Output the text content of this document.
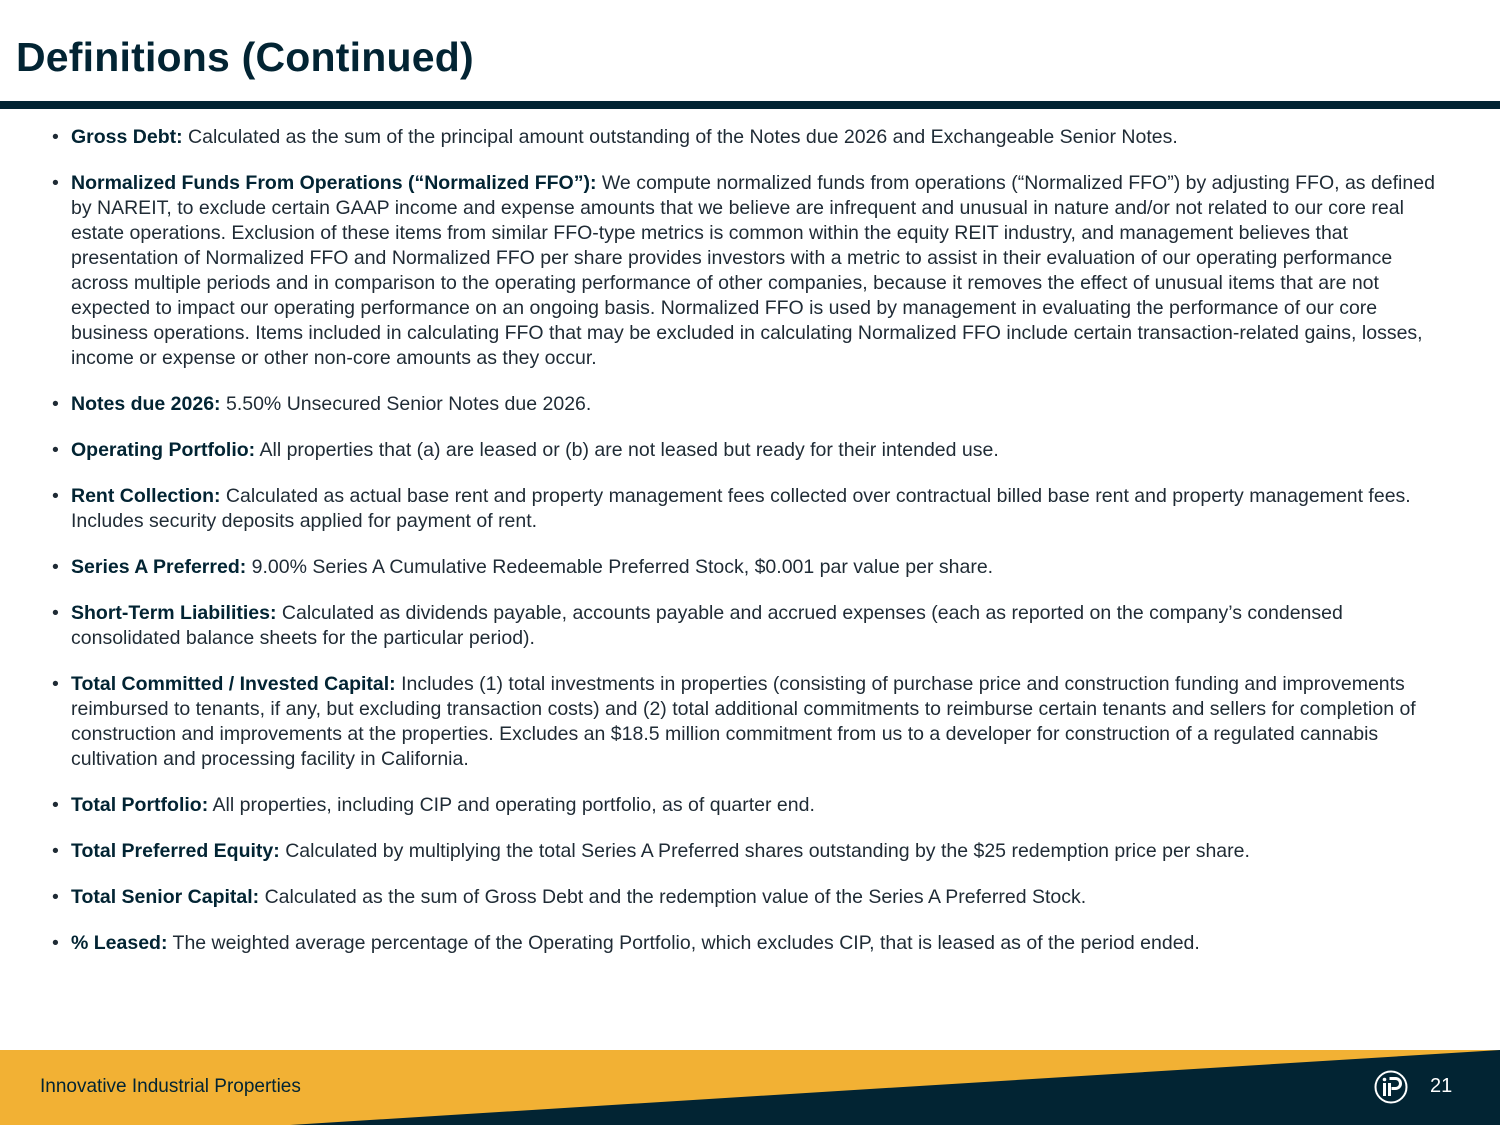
Definitions (Continued)
• Gross Debt: Calculated as the sum of the principal amount outstanding of the Notes due 2026 and Exchangeable Senior Notes.
• Normalized Funds From Operations (“Normalized FFO”): We compute normalized funds from operations (“Normalized FFO”) by adjusting FFO, as defined by NAREIT, to exclude certain GAAP income and expense amounts that we believe are infrequent and unusual in nature and/or not related to our core real estate operations. Exclusion of these items from similar FFO-type metrics is common within the equity REIT industry, and management believes that presentation of Normalized FFO and Normalized FFO per share provides investors with a metric to assist in their evaluation of our operating performance across multiple periods and in comparison to the operating performance of other companies, because it removes the effect of unusual items that are not expected to impact our operating performance on an ongoing basis. Normalized FFO is used by management in evaluating the performance of our core business operations. Items included in calculating FFO that may be excluded in calculating Normalized FFO include certain transaction-related gains, losses, income or expense or other non-core amounts as they occur.
• Notes due 2026: 5.50% Unsecured Senior Notes due 2026.
• Operating Portfolio: All properties that (a) are leased or (b) are not leased but ready for their intended use.
• Rent Collection: Calculated as actual base rent and property management fees collected over contractual billed base rent and property management fees. Includes security deposits applied for payment of rent.
• Series A Preferred: 9.00% Series A Cumulative Redeemable Preferred Stock, $0.001 par value per share.
• Short-Term Liabilities: Calculated as dividends payable, accounts payable and accrued expenses (each as reported on the company’s condensed consolidated balance sheets for the particular period).
• Total Committed / Invested Capital: Includes (1) total investments in properties (consisting of purchase price and construction funding and improvements reimbursed to tenants, if any, but excluding transaction costs) and (2) total additional commitments to reimburse certain tenants and sellers for completion of construction and improvements at the properties. Excludes an $18.5 million commitment from us to a developer for construction of a regulated cannabis cultivation and processing facility in California.
• Total Portfolio: All properties, including CIP and operating portfolio, as of quarter end.
• Total Preferred Equity: Calculated by multiplying the total Series A Preferred shares outstanding by the $25 redemption price per share.
• Total Senior Capital: Calculated as the sum of Gross Debt and the redemption value of the Series A Preferred Stock.
• % Leased: The weighted average percentage of the Operating Portfolio, which excludes CIP, that is leased as of the period ended.
Innovative Industrial Properties	21
